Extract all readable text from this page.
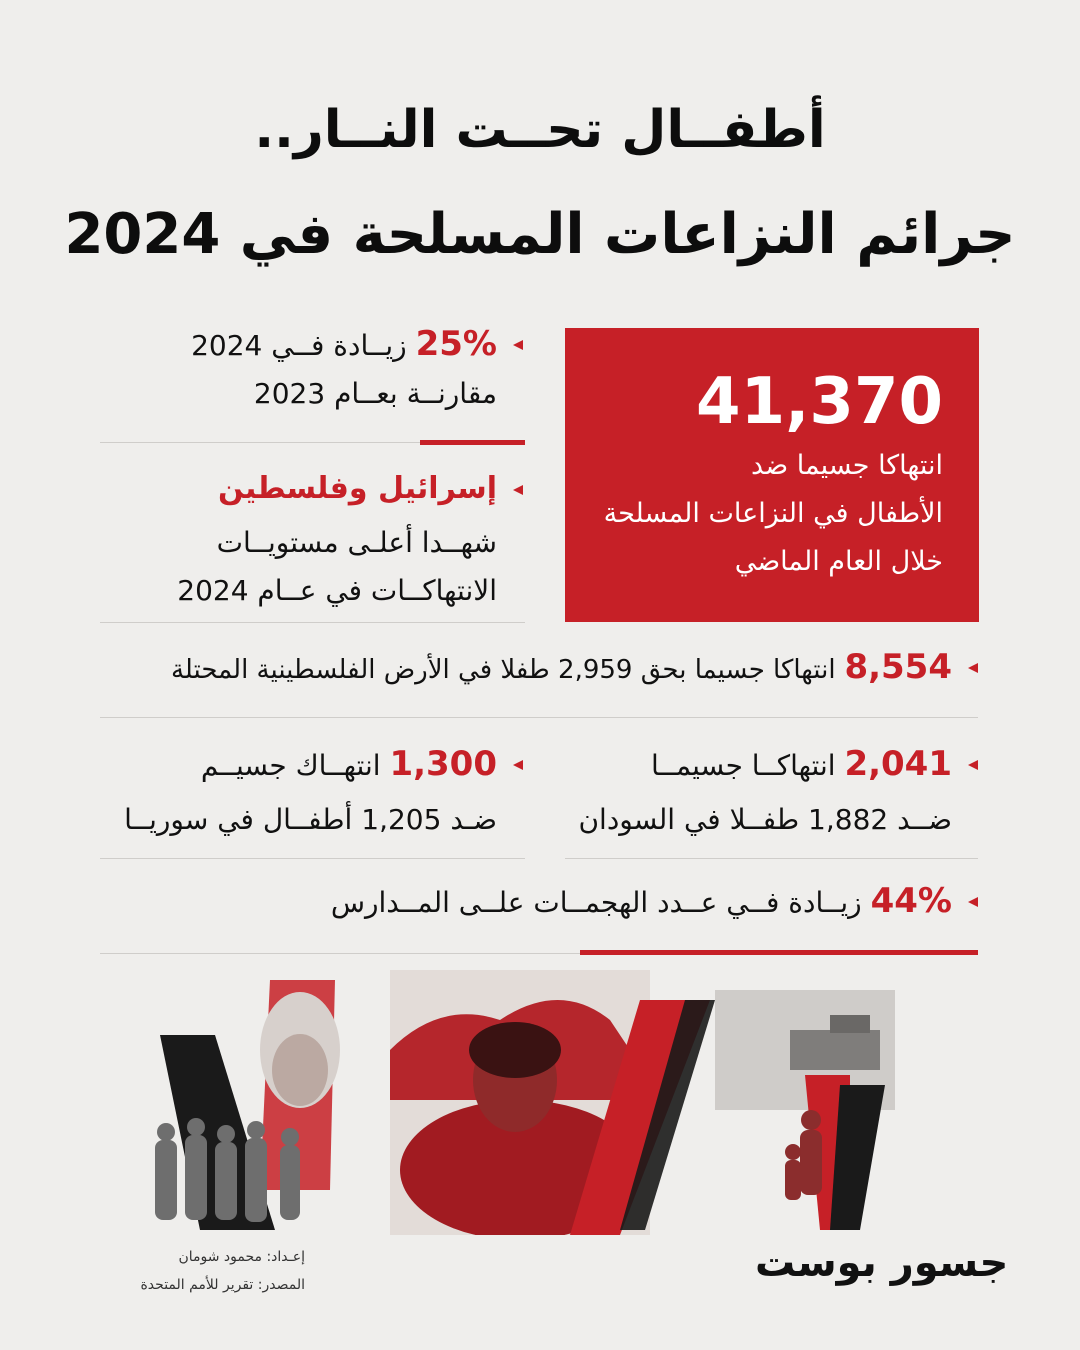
أطفــال تحــت النــار..
جرائم النزاعات المسلحة في 2024
41,370
انتهاكا جسيما ضد
الأطفال في النزاعات المسلحة
خلال العام الماضي
25% زيــادة فــي 2024
مقارنــة بعــام 2023
إسرائيل وفلسطين
شهــدا أعلـى مستويــات
الانتهاكــات في عــام 2024
8,554 انتهاكا جسيما بحق 2,959 طفلا في الأرض الفلسطينية المحتلة
2,041 انتهاكــا جسيمــا
ضــد 1,882 طفــلا في السودان
1,300 انتهــاك جسيــم
ضـد 1,205 أطفــال في سوريــا
44% زيــادة فــي عــدد الهجمــات علــى المــدارس
إعـداد: محمود شومان
المصدر: تقرير للأمم المتحدة	جسور بوست
